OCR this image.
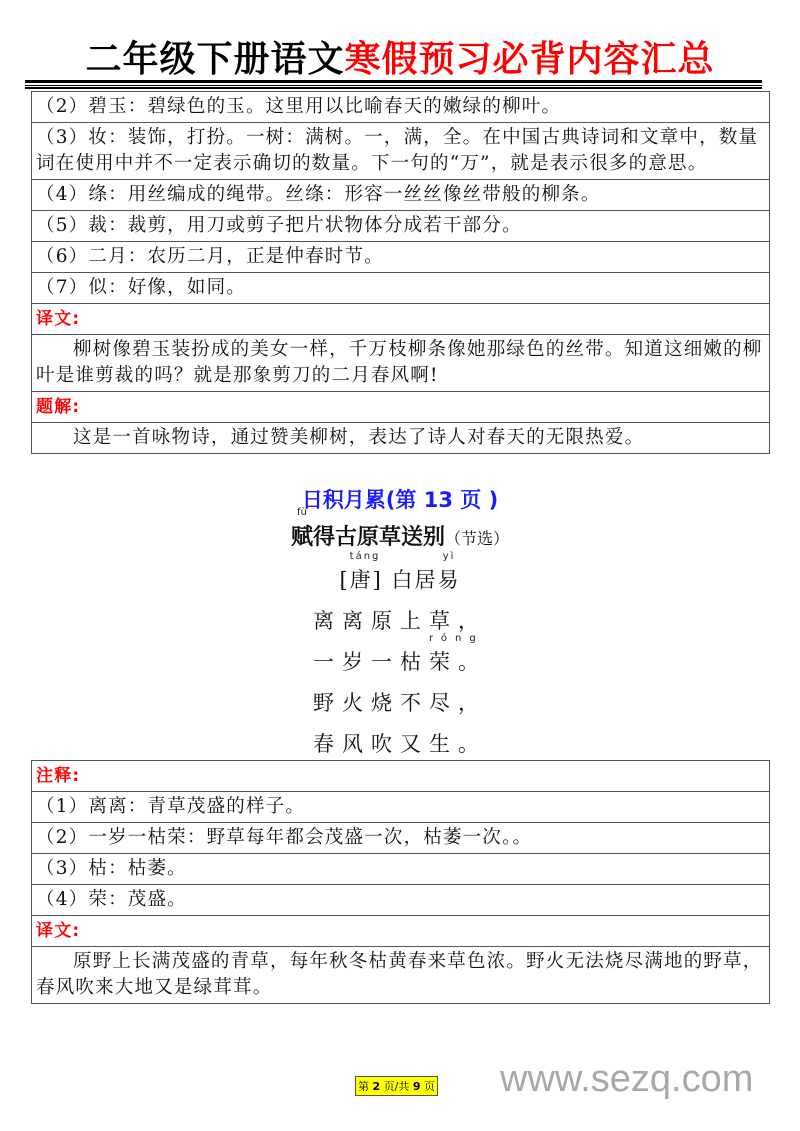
二年级下册语文寒假预习必背内容汇总
（2）碧玉：碧绿色的玉。这里用以比喻春天的嫩绿的柳叶。
（3）妆：装饰，打扮。一树：满树。一，满，全。在中国古典诗词和文章中，数量词在使用中并不一定表示确切的数量。下一句的“万”，就是表示很多的意思。
（4）绦：用丝编成的绳带。丝绦：形容一丝丝像丝带般的柳条。
（5）裁：裁剪，用刀或剪子把片状物体分成若干部分。
（6）二月：农历二月，正是仲春时节。
（7）似：好像，如同。
译文:
柳树像碧玉装扮成的美女一样，千万枝柳条像她那绿色的丝带。知道这细嫩的柳叶是谁剪裁的吗？就是那象剪刀的二月春风啊!
题解:
这是一首咏物诗，通过赞美柳树，表达了诗人对春天的无限热爱。
日积月累(第 13 页 )
fù
赋得古原草送别（节选）
[
táng
唐] 白居
yì
易
离离原上草，
一岁一枯
róng
荣。
野火烧不尽，
春风吹又生。
注释:
（1）离离：青草茂盛的样子。
（2）一岁一枯荣：野草每年都会茂盛一次，枯萎一次。。
（3）枯：枯萎。
（4）荣：茂盛。
译文:
原野上长满茂盛的青草，每年秋冬枯黄春来草色浓。野火无法烧尽满地的野草，春风吹来大地又是绿茸茸。
第 2 页/共 9 页 www.sezq.com
